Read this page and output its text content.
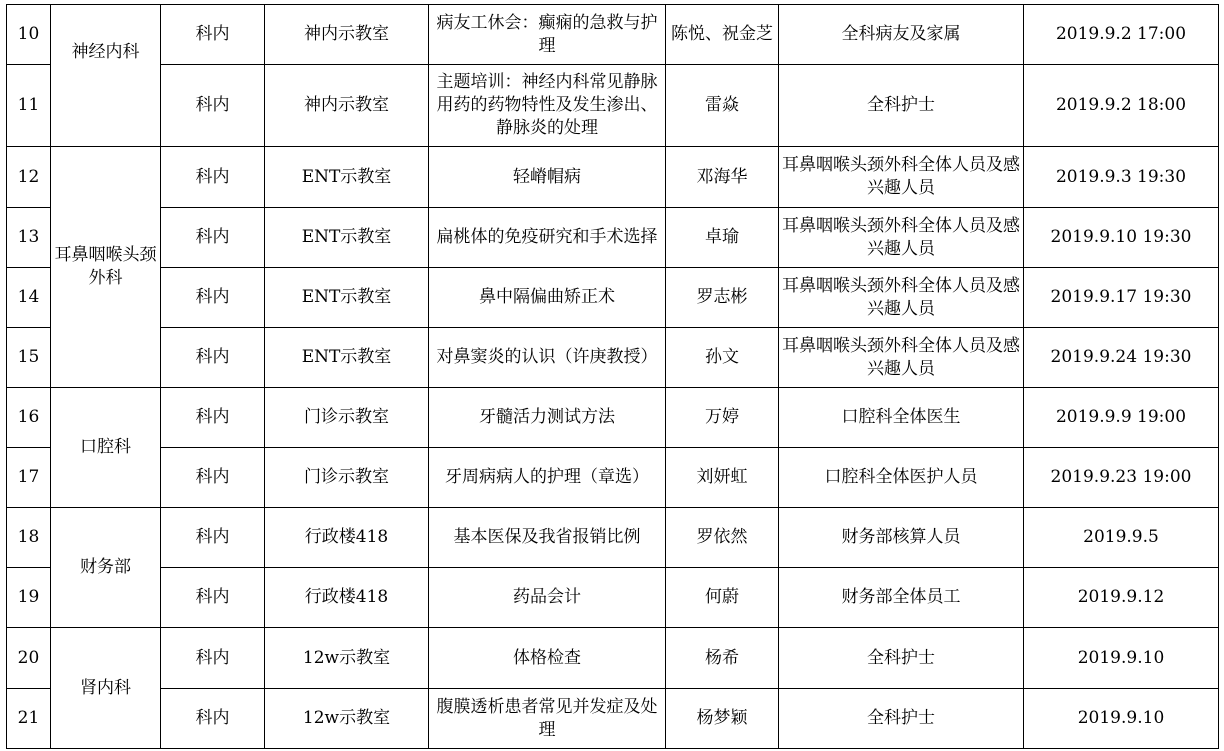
10	神经内科	科内	神内示教室	病友工休会：癫痫的急救与护理	陈悦、祝金芝	全科病友及家属	2019.9.2 17:00
11		科内	神内示教室	主题培训：神经内科常见静脉用药的药物特性及发生渗出、静脉炎的处理	雷焱	全科护士	2019.9.2 18:00
12	耳鼻咽喉头颈外科	科内	ENT示教室	轻嵴帽病	邓海华	耳鼻咽喉头颈外科全体人员及感兴趣人员	2019.9.3 19:30
13		科内	ENT示教室	扁桃体的免疫研究和手术选择	卓瑜	耳鼻咽喉头颈外科全体人员及感兴趣人员	2019.9.10 19:30
14		科内	ENT示教室	鼻中隔偏曲矫正术	罗志彬	耳鼻咽喉头颈外科全体人员及感兴趣人员	2019.9.17 19:30
15		科内	ENT示教室	对鼻窦炎的认识（许庚教授）	孙文	耳鼻咽喉头颈外科全体人员及感兴趣人员	2019.9.24 19:30
16	口腔科	科内	门诊示教室	牙髓活力测试方法	万婷	口腔科全体医生	2019.9.9 19:00
17		科内	门诊示教室	牙周病病人的护理（章选）	刘妍虹	口腔科全体医护人员	2019.9.23 19:00
18	财务部	科内	行政楼418	基本医保及我省报销比例	罗依然	财务部核算人员	2019.9.5
19		科内	行政楼418	药品会计	何蔚	财务部全体员工	2019.9.12
20	肾内科	科内	12w示教室	体格检查	杨希	全科护士	2019.9.10
21		科内	12w示教室	腹膜透析患者常见并发症及处理	杨梦颖	全科护士	2019.9.10
